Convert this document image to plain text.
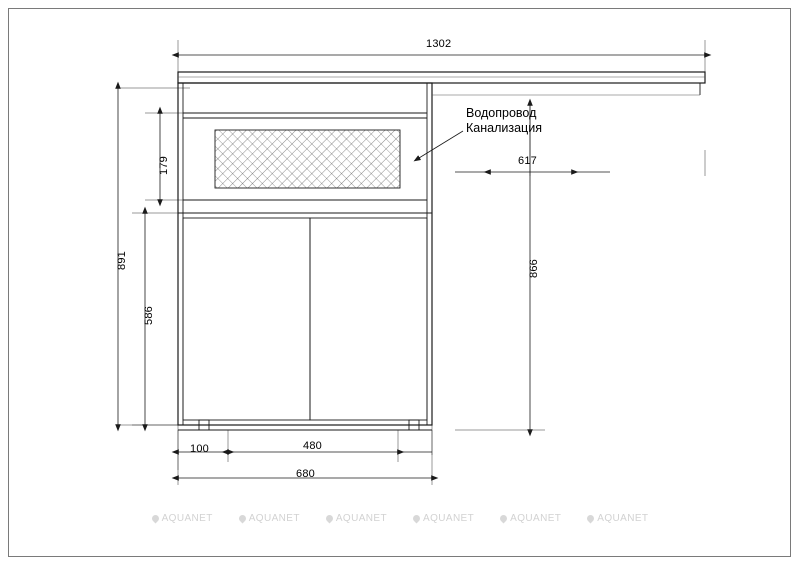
1302
617
179
891
586
866
100	480
680
Водопровод
Канализация
AQUANET	AQUANET	AQUANET	AQUANET	AQUANET	AQUANET
